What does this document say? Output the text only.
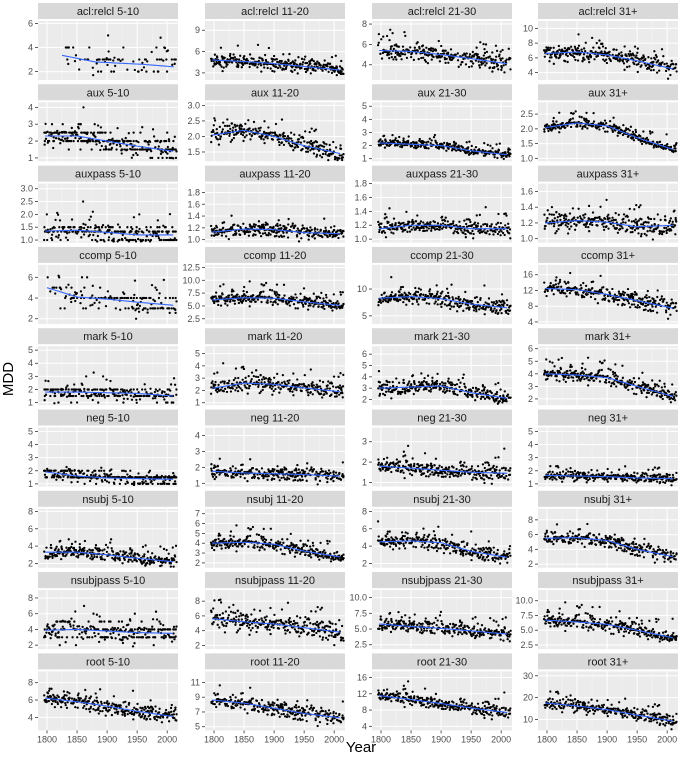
acl:relcl 5-10
2
4
6
acl:relcl 11-20
3
6
9
acl:relcl 21-30
4
6
8
acl:relcl 31+
4
6
8
10
aux 5-10
1
2
3
4
aux 11-20
1.5
2.0
2.5
3.0
aux 21-30
1
2
3
4
5
aux 31+
1.0
1.5
2.0
2.5
auxpass 5-10
1.0
1.5
2.0
2.5
3.0
auxpass 11-20
1.0
1.2
1.4
1.6
1.8
auxpass 21-30
1.0
1.2
1.4
1.6
1.8
auxpass 31+
1.0
1.2
1.4
1.6
ccomp 5-10
2
4
6
ccomp 11-20
2.5
5.0
7.5
10.0
12.5
ccomp 21-30
5
10
ccomp 31+
4
8
12
16
mark 5-10
1
2
3
4
5
mark 11-20
1
2
3
4
5
mark 21-30
2
3
4
5
6
mark 31+
2
3
4
5
6
neg 5-10
1
2
3
4
5
neg 11-20
1
2
3
4
neg 21-30
1
2
3
neg 31+
1
2
3
4
5
nsubj 5-10
2
4
6
8
nsubj 11-20
2
3
4
5
6
7
nsubj 21-30
2
4
6
8
nsubj 31+
2
4
6
8
nsubjpass 5-10
2
4
6
8
nsubjpass 11-20
2
4
6
8
nsubjpass 21-30
2.5
5.0
7.5
10.0
nsubjpass 31+
2.5
5.0
7.5
10.0
root 5-10
4
6
8
root 11-20
5
7
9
11
root 21-30
4
8
12
16
root 31+
10
20
30
1800 1850 1900 1950 2000	1800 1850 1900 1950 2000	1800 1850 1900 1950 2000	1800 1850 1900 1950 2000
Year
MDD
